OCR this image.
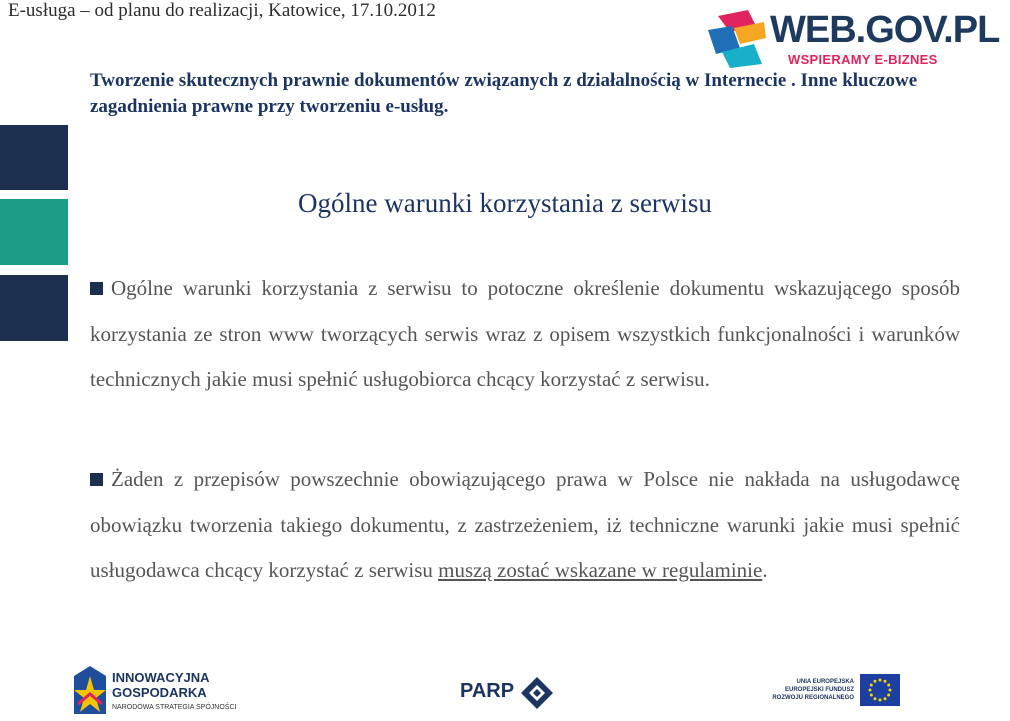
E-usługa – od planu do realizacji, Katowice, 17.10.2012	WEB.GOV.PL
WSPIERAMY E-BIZNES
Tworzenie skutecznych prawnie dokumentów związanych z działalnością w Internecie . Inne kluczowe zagadnienia prawne przy tworzeniu e-usług.
Ogólne warunki korzystania z serwisu
Ogólne warunki korzystania z serwisu to potoczne określenie dokumentu wskazującego sposób korzystania ze stron www tworzących serwis wraz z opisem wszystkich funkcjonalności i warunków technicznych jakie musi spełnić usługobiorca chcący korzystać z serwisu.
Żaden z przepisów powszechnie obowiązującego prawa w Polsce nie nakłada na usługodawcę obowiązku tworzenia takiego dokumentu, z zastrzeżeniem, iż techniczne warunki jakie musi spełnić usługodawca chcący korzystać z serwisu muszą zostać wskazane w regulaminie.
INNOWACYJNA
GOSPODARKA
NARODOWA STRATEGIA SPÓJNOŚCI
PARP	UNIA EUROPEJSKA
EUROPEJSKI FUNDUSZ
ROZWOJU REGIONALNEGO
